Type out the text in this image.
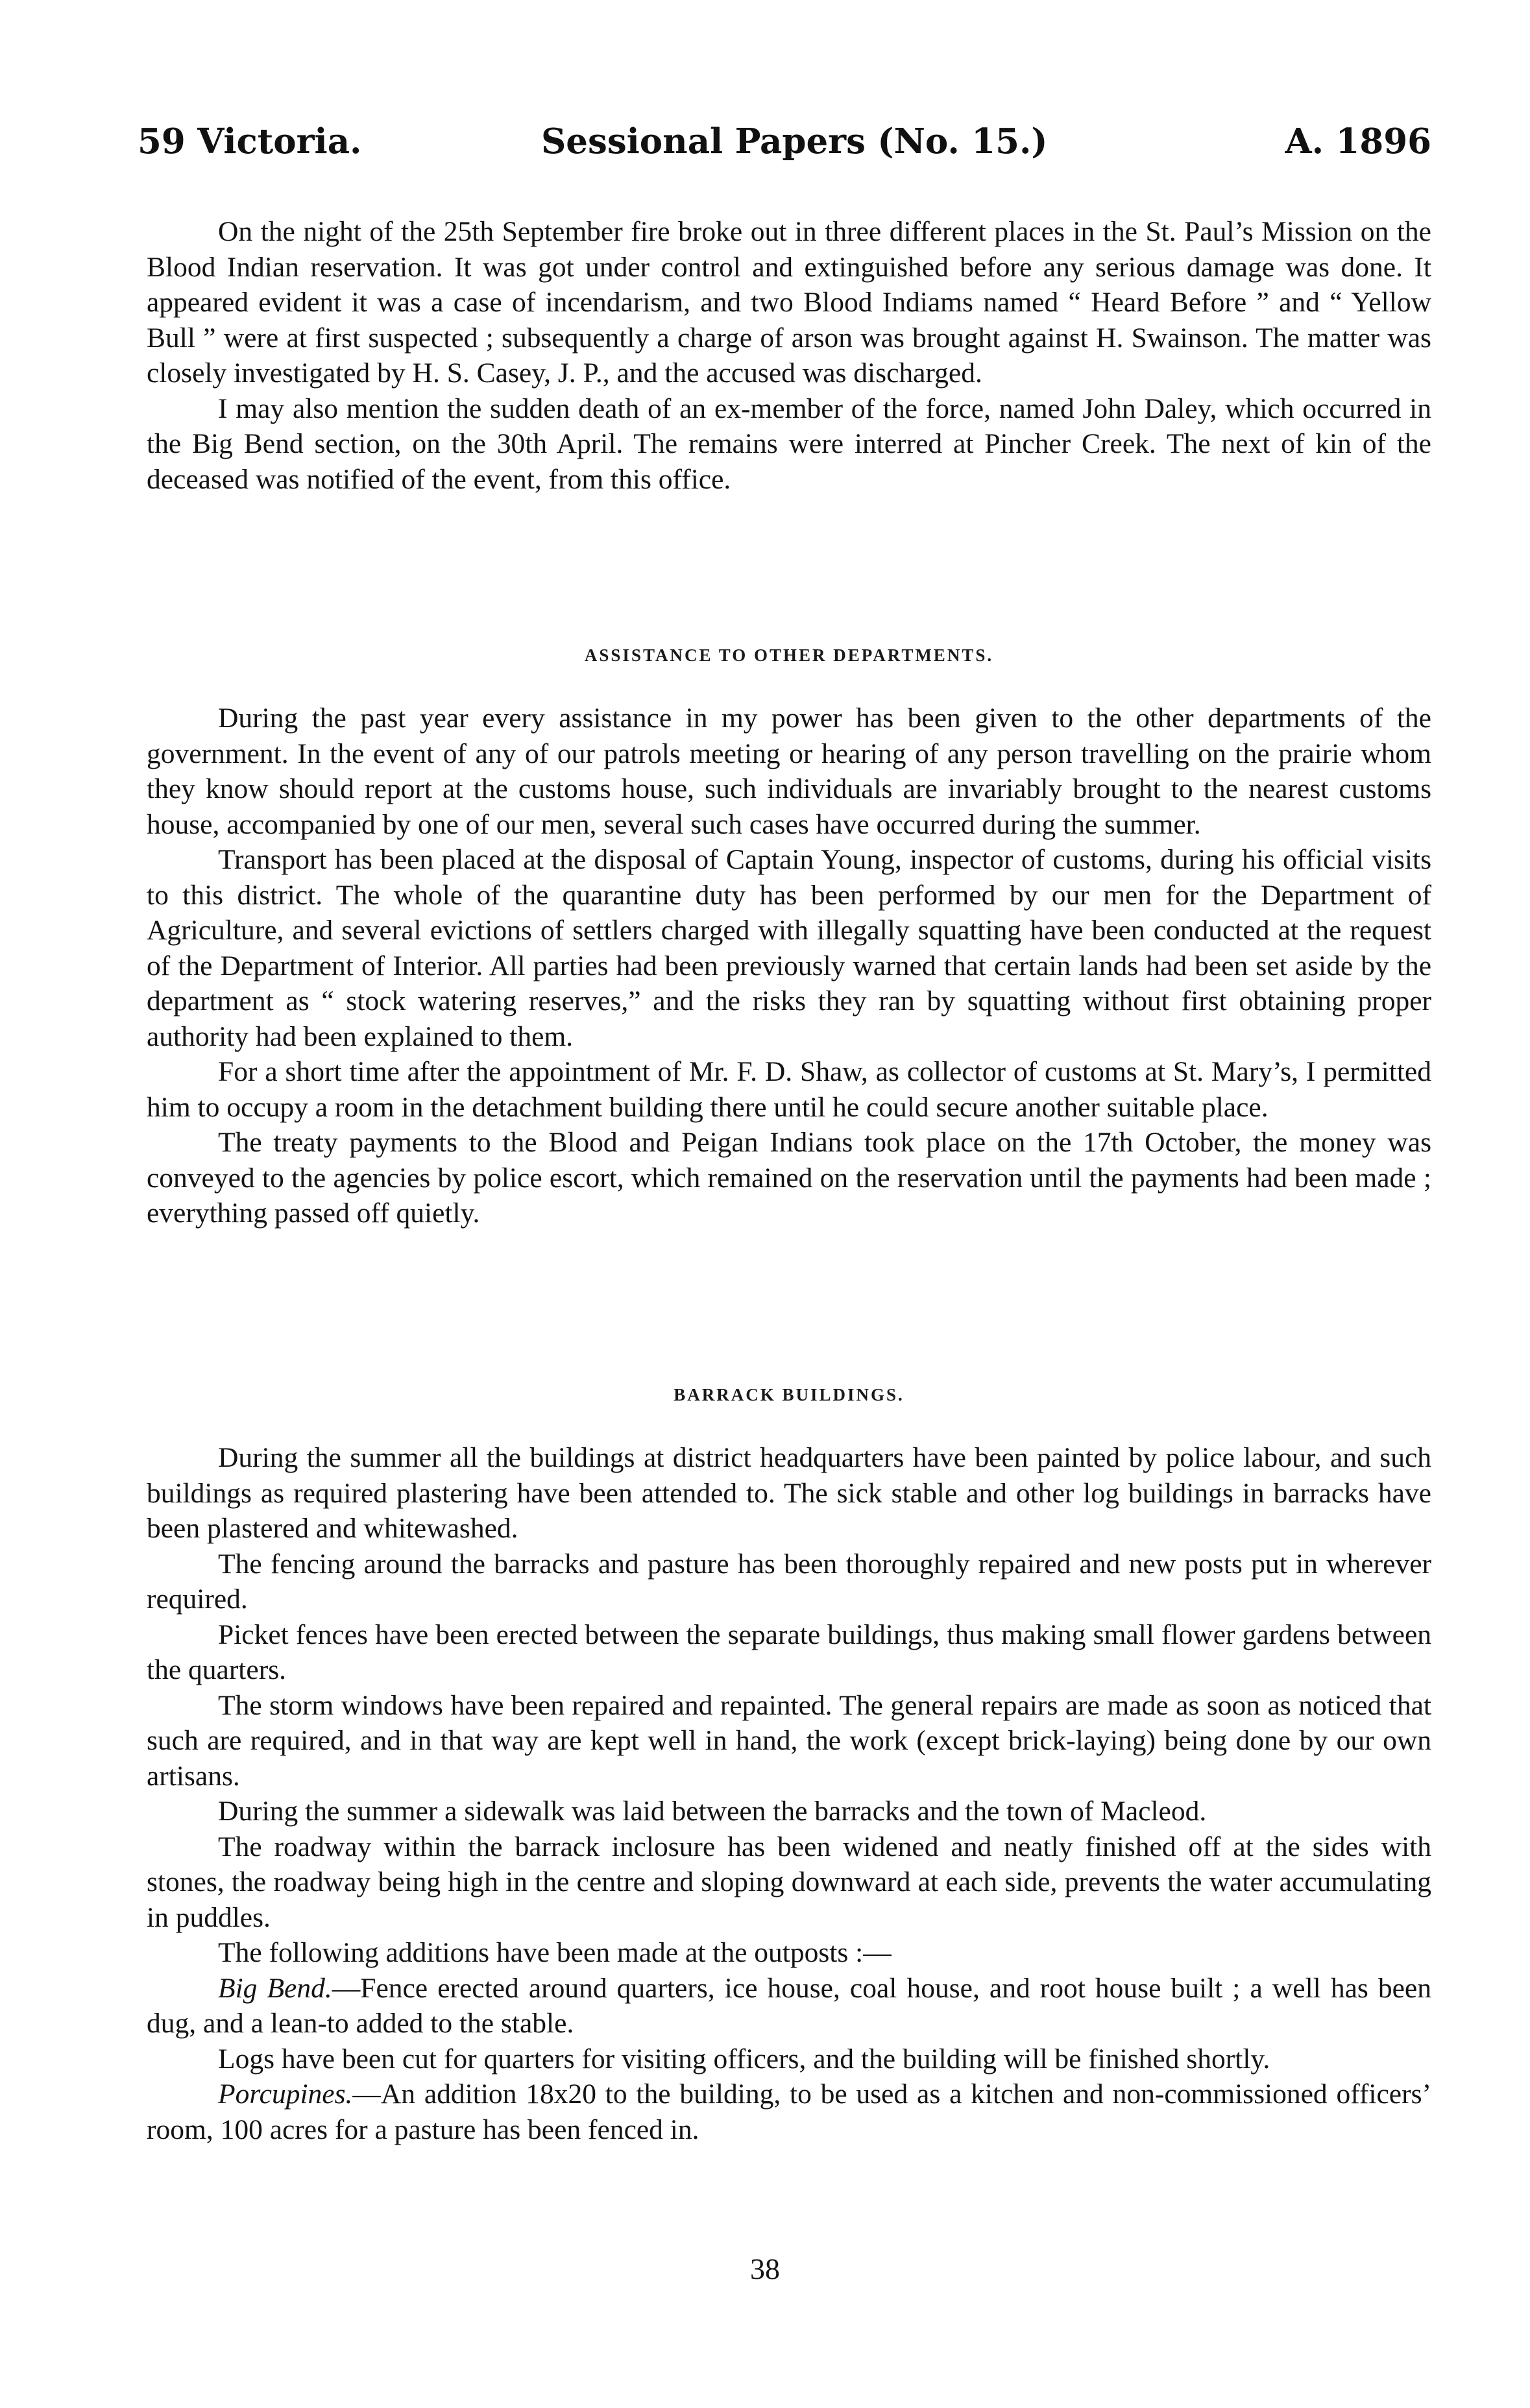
59 Victoria.	Sessional Papers (No. 15.)	A. 1896

On the night of the 25th September fire broke out in three different places in the St. Paul’s Mission on the Blood Indian reservation. It was got under control and extinguished before any serious damage was done. It appeared evident it was a case of incendarism, and two Blood Indiams named “ Heard Before ” and “ Yellow Bull ” were at first suspected ; subsequently a charge of arson was brought against H. Swainson. The matter was closely investigated by H. S. Casey, J. P., and the accused was discharged.

I may also mention the sudden death of an ex-member of the force, named John Daley, which occurred in the Big Bend section, on the 30th April. The remains were interred at Pincher Creek. The next of kin of the deceased was notified of the event, from this office.

ASSISTANCE TO OTHER DEPARTMENTS.

During the past year every assistance in my power has been given to the other departments of the government. In the event of any of our patrols meeting or hearing of any person travelling on the prairie whom they know should report at the customs house, such individuals are invariably brought to the nearest customs house, accompanied by one of our men, several such cases have occurred during the summer.

Transport has been placed at the disposal of Captain Young, inspector of customs, during his official visits to this district. The whole of the quarantine duty has been performed by our men for the Department of Agriculture, and several evictions of settlers charged with illegally squatting have been conducted at the request of the Department of Interior. All parties had been previously warned that certain lands had been set aside by the department as “ stock watering reserves,” and the risks they ran by squatting without first obtaining proper authority had been explained to them.

For a short time after the appointment of Mr. F. D. Shaw, as collector of customs at St. Mary’s, I permitted him to occupy a room in the detachment building there until he could secure another suitable place.

The treaty payments to the Blood and Peigan Indians took place on the 17th October, the money was conveyed to the agencies by police escort, which remained on the reservation until the payments had been made ; everything passed off quietly.

BARRACK BUILDINGS.

During the summer all the buildings at district headquarters have been painted by police labour, and such buildings as required plastering have been attended to. The sick stable and other log buildings in barracks have been plastered and whitewashed.

The fencing around the barracks and pasture has been thoroughly repaired and new posts put in wherever required.

Picket fences have been erected between the separate buildings, thus making small flower gardens between the quarters.

The storm windows have been repaired and repainted. The general repairs are made as soon as noticed that such are required, and in that way are kept well in hand, the work (except brick-laying) being done by our own artisans.

During the summer a sidewalk was laid between the barracks and the town of Macleod.

The roadway within the barrack inclosure has been widened and neatly finished off at the sides with stones, the roadway being high in the centre and sloping downward at each side, prevents the water accumulating in puddles.

The following additions have been made at the outposts :—

Big Bend.—Fence erected around quarters, ice house, coal house, and root house built ; a well has been dug, and a lean-to added to the stable.

Logs have been cut for quarters for visiting officers, and the building will be finished shortly.

Porcupines.—An addition 18x20 to the building, to be used as a kitchen and non-commissioned officers’ room, 100 acres for a pasture has been fenced in.

38
